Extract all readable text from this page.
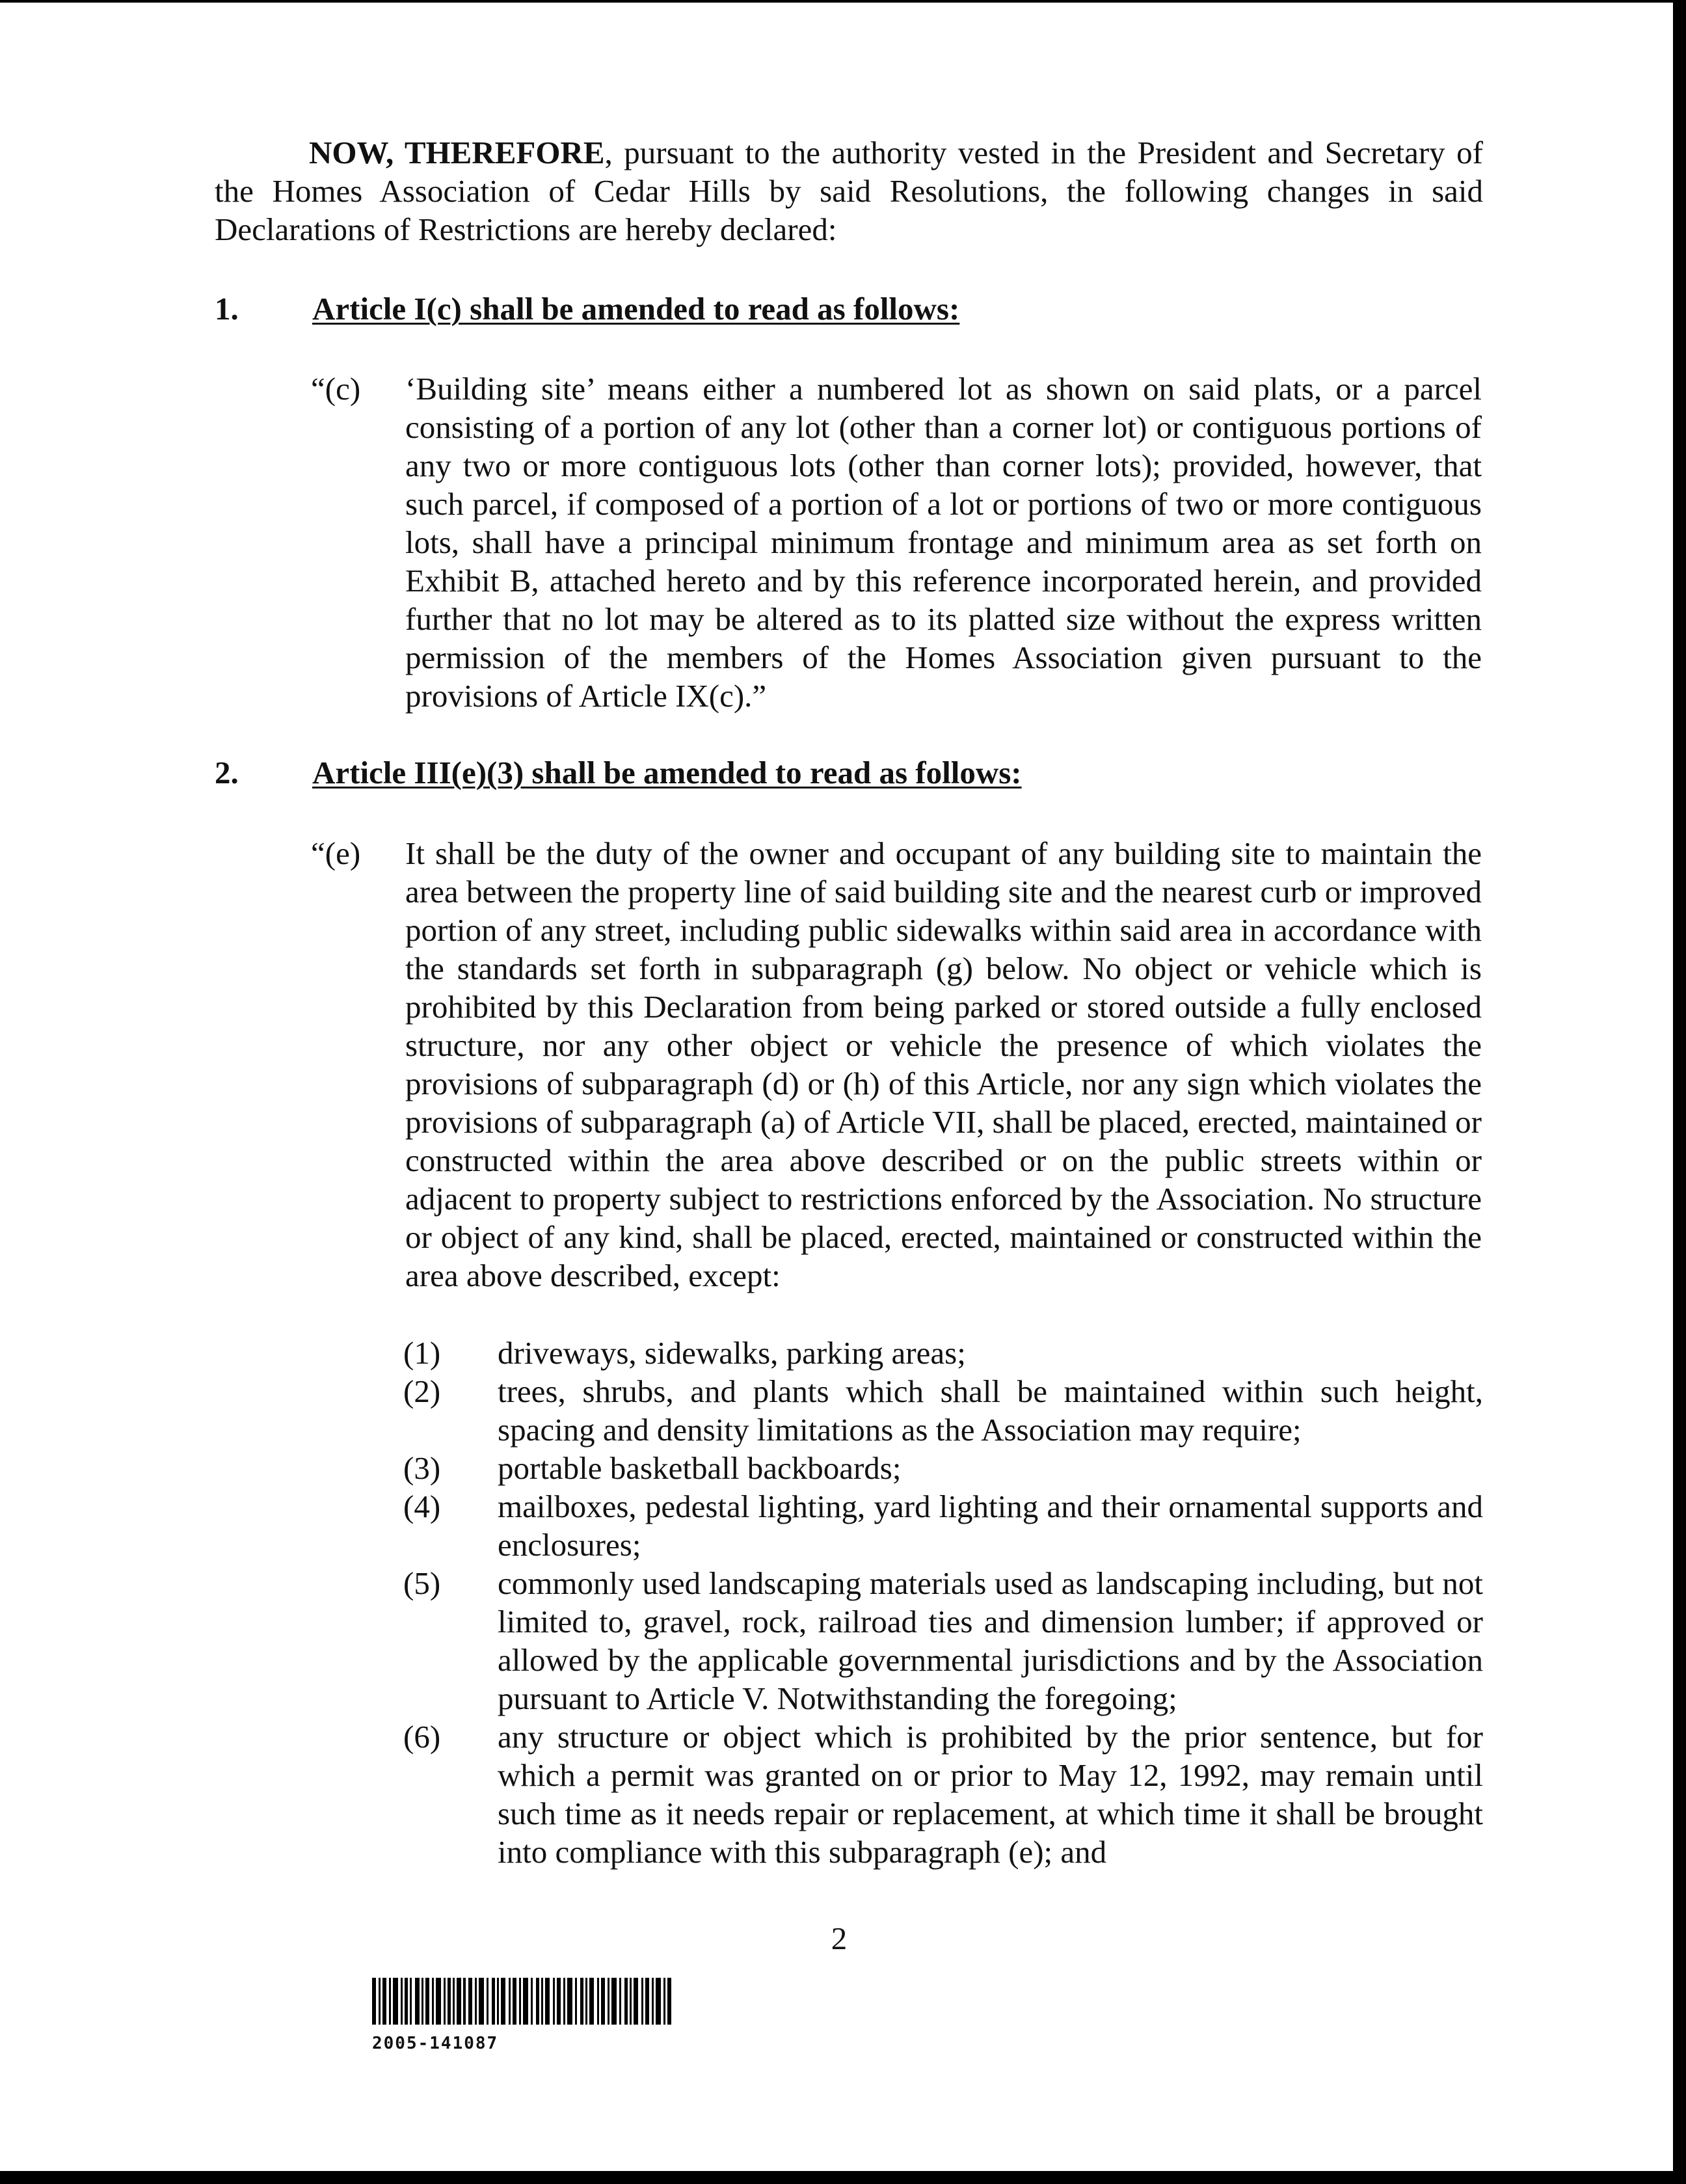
NOW, THEREFORE, pursuant to the authority vested in the President and Secretary of the Homes Association of Cedar Hills by said Resolutions, the following changes in said Declarations of Restrictions are hereby declared:

1. Article I(c) shall be amended to read as follows:
“(c) ‘Building site’ means either a numbered lot as shown on said plats, or a parcel consisting of a portion of any lot (other than a corner lot) or contiguous portions of any two or more contiguous lots (other than corner lots); provided, however, that such parcel, if composed of a portion of a lot or portions of two or more contiguous lots, shall have a principal minimum frontage and minimum area as set forth on Exhibit B, attached hereto and by this reference incorporated herein, and provided further that no lot may be altered as to its platted size without the express written permission of the members of the Homes Association given pursuant to the provisions of Article IX(c).”

2. Article III(e)(3) shall be amended to read as follows:
“(e) It shall be the duty of the owner and occupant of any building site to maintain the area between the property line of said building site and the nearest curb or improved portion of any street, including public sidewalks within said area in accordance with the standards set forth in subparagraph (g) below. No object or vehicle which is prohibited by this Declaration from being parked or stored outside a fully enclosed structure, nor any other object or vehicle the presence of which violates the provisions of subparagraph (d) or (h) of this Article, nor any sign which violates the provisions of subparagraph (a) of Article VII, shall be placed, erected, maintained or constructed within the area above described or on the public streets within or adjacent to property subject to restrictions enforced by the Association. No structure or object of any kind, shall be placed, erected, maintained or constructed within the area above described, except:

(1) driveways, sidewalks, parking areas;
(2) trees, shrubs, and plants which shall be maintained within such height, spacing and density limitations as the Association may require;
(3) portable basketball backboards;
(4) mailboxes, pedestal lighting, yard lighting and their ornamental supports and enclosures;
(5) commonly used landscaping materials used as landscaping including, but not limited to, gravel, rock, railroad ties and dimension lumber; if approved or allowed by the applicable governmental jurisdictions and by the Association pursuant to Article V. Notwithstanding the foregoing;
(6) any structure or object which is prohibited by the prior sentence, but for which a permit was granted on or prior to May 12, 1992, may remain until such time as it needs repair or replacement, at which time it shall be brought into compliance with this subparagraph (e); and
2
2005-141087
